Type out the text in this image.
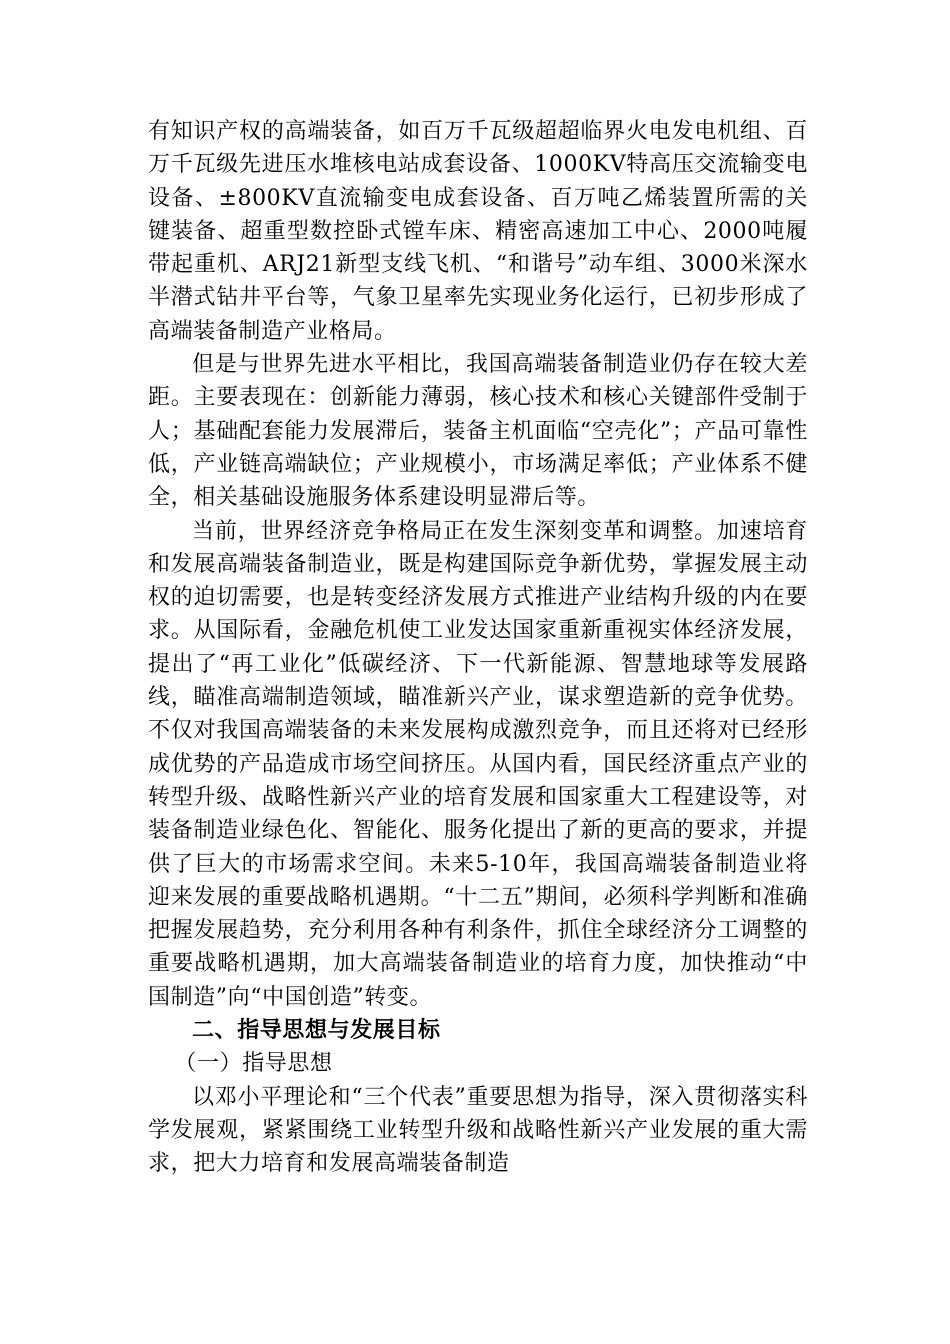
有知识产权的高端装备，如百万千瓦级超超临界火电发电机组、百万千瓦级先进压水堆核电站成套设备、1000KV特高压交流输变电设备、±800KV直流输变电成套设备、百万吨乙烯装置所需的关键装备、超重型数控卧式镗车床、精密高速加工中心、2000吨履带起重机、ARJ21新型支线飞机、“和谐号”动车组、3000米深水半潜式钻井平台等，气象卫星率先实现业务化运行，已初步形成了高端装备制造产业格局。

但是与世界先进水平相比，我国高端装备制造业仍存在较大差距。主要表现在：创新能力薄弱，核心技术和核心关键部件受制于人；基础配套能力发展滞后，装备主机面临“空壳化”；产品可靠性低，产业链高端缺位；产业规模小，市场满足率低；产业体系不健全，相关基础设施服务体系建设明显滞后等。

当前，世界经济竞争格局正在发生深刻变革和调整。加速培育和发展高端装备制造业，既是构建国际竞争新优势，掌握发展主动权的迫切需要，也是转变经济发展方式推进产业结构升级的内在要求。从国际看，金融危机使工业发达国家重新重视实体经济发展，提出了“再工业化”低碳经济、下一代新能源、智慧地球等发展路线，瞄准高端制造领域，瞄准新兴产业，谋求塑造新的竞争优势。不仅对我国高端装备的未来发展构成激烈竞争，而且还将对已经形成优势的产品造成市场空间挤压。从国内看，国民经济重点产业的转型升级、战略性新兴产业的培育发展和国家重大工程建设等，对装备制造业绿色化、智能化、服务化提出了新的更高的要求，并提供了巨大的市场需求空间。未来5-10年，我国高端装备制造业将迎来发展的重要战略机遇期。“十二五”期间，必须科学判断和准确把握发展趋势，充分利用各种有利条件，抓住全球经济分工调整的重要战略机遇期，加大高端装备制造业的培育力度，加快推动“中国制造”向“中国创造”转变。

二、指导思想与发展目标

（一）指导思想

以邓小平理论和“三个代表”重要思想为指导，深入贯彻落实科学发展观，紧紧围绕工业转型升级和战略性新兴产业发展的重大需求，把大力培育和发展高端装备制造
